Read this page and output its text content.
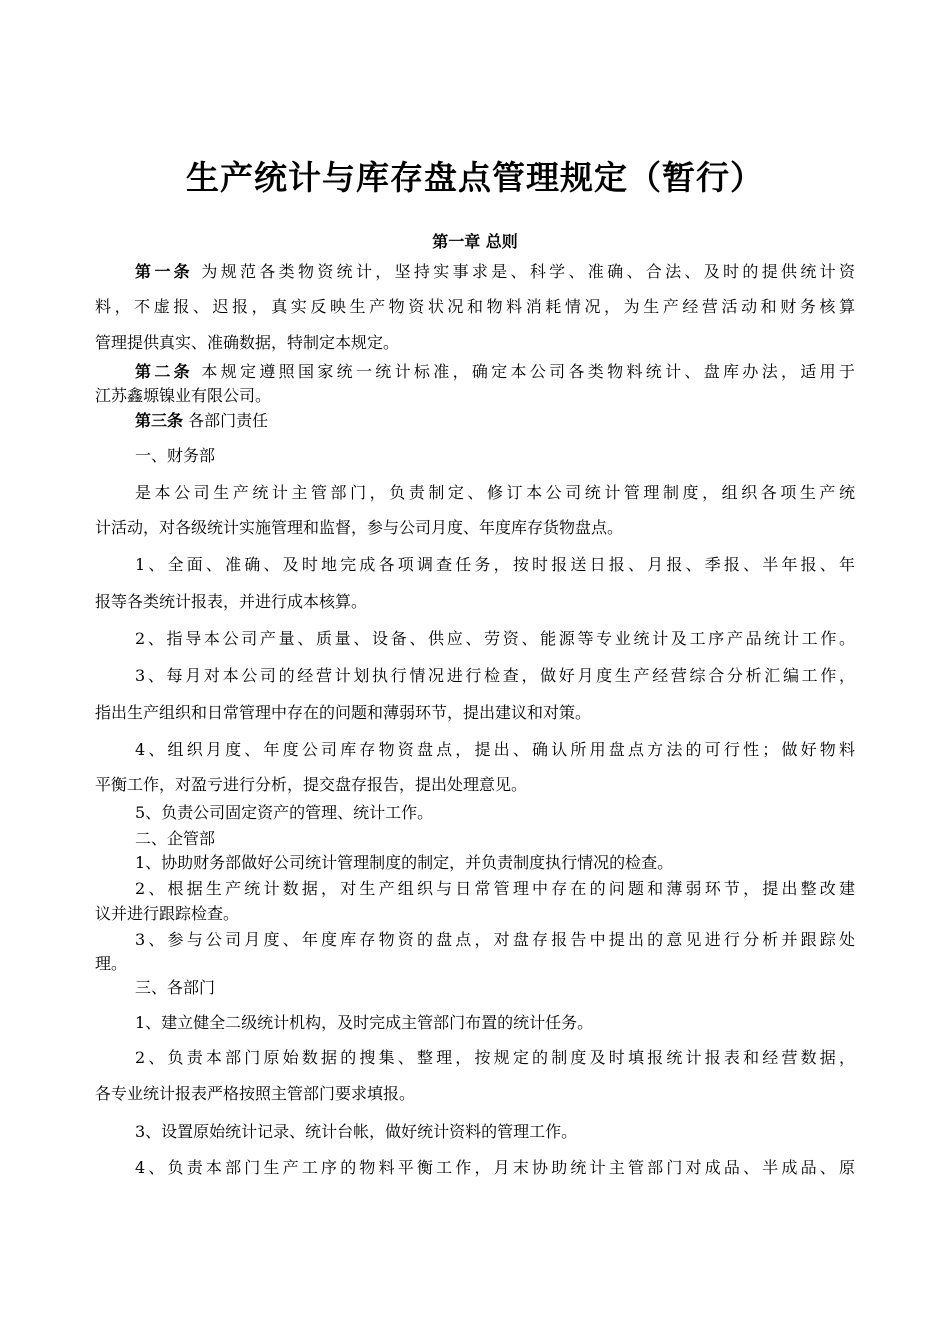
生产统计与库存盘点管理规定（暂行）
第一章 总则
第一条 为规范各类物资统计，坚持实事求是、科学、准确、合法、及时的提供统计资
料，不虚报、迟报，真实反映生产物资状况和物料消耗情况，为生产经营活动和财务核算
管理提供真实、准确数据，特制定本规定。
第二条 本规定遵照国家统一统计标准，确定本公司各类物料统计、盘库办法，适用于
江苏鑫塬镍业有限公司。
第三条 各部门责任
一、财务部
是本公司生产统计主管部门，负责制定、修订本公司统计管理制度，组织各项生产统
计活动，对各级统计实施管理和监督，参与公司月度、年度库存货物盘点。
1、全面、准确、及时地完成各项调查任务，按时报送日报、月报、季报、半年报、年
报等各类统计报表，并进行成本核算。
2、指导本公司产量、质量、设备、供应、劳资、能源等专业统计及工序产品统计工作。
3、每月对本公司的经营计划执行情况进行检查，做好月度生产经营综合分析汇编工作，
指出生产组织和日常管理中存在的问题和薄弱环节，提出建议和对策。
4、组织月度、年度公司库存物资盘点，提出、确认所用盘点方法的可行性；做好物料
平衡工作，对盈亏进行分析，提交盘存报告，提出处理意见。
5、负责公司固定资产的管理、统计工作。
二、企管部
1、协助财务部做好公司统计管理制度的制定，并负责制度执行情况的检查。
2、根据生产统计数据，对生产组织与日常管理中存在的问题和薄弱环节，提出整改建
议并进行跟踪检查。
3、参与公司月度、年度库存物资的盘点，对盘存报告中提出的意见进行分析并跟踪处
理。
三、各部门
1、建立健全二级统计机构，及时完成主管部门布置的统计任务。
2、负责本部门原始数据的搜集、整理，按规定的制度及时填报统计报表和经营数据，
各专业统计报表严格按照主管部门要求填报。
3、设置原始统计记录、统计台帐，做好统计资料的管理工作。
4、负责本部门生产工序的物料平衡工作，月末协助统计主管部门对成品、半成品、原
